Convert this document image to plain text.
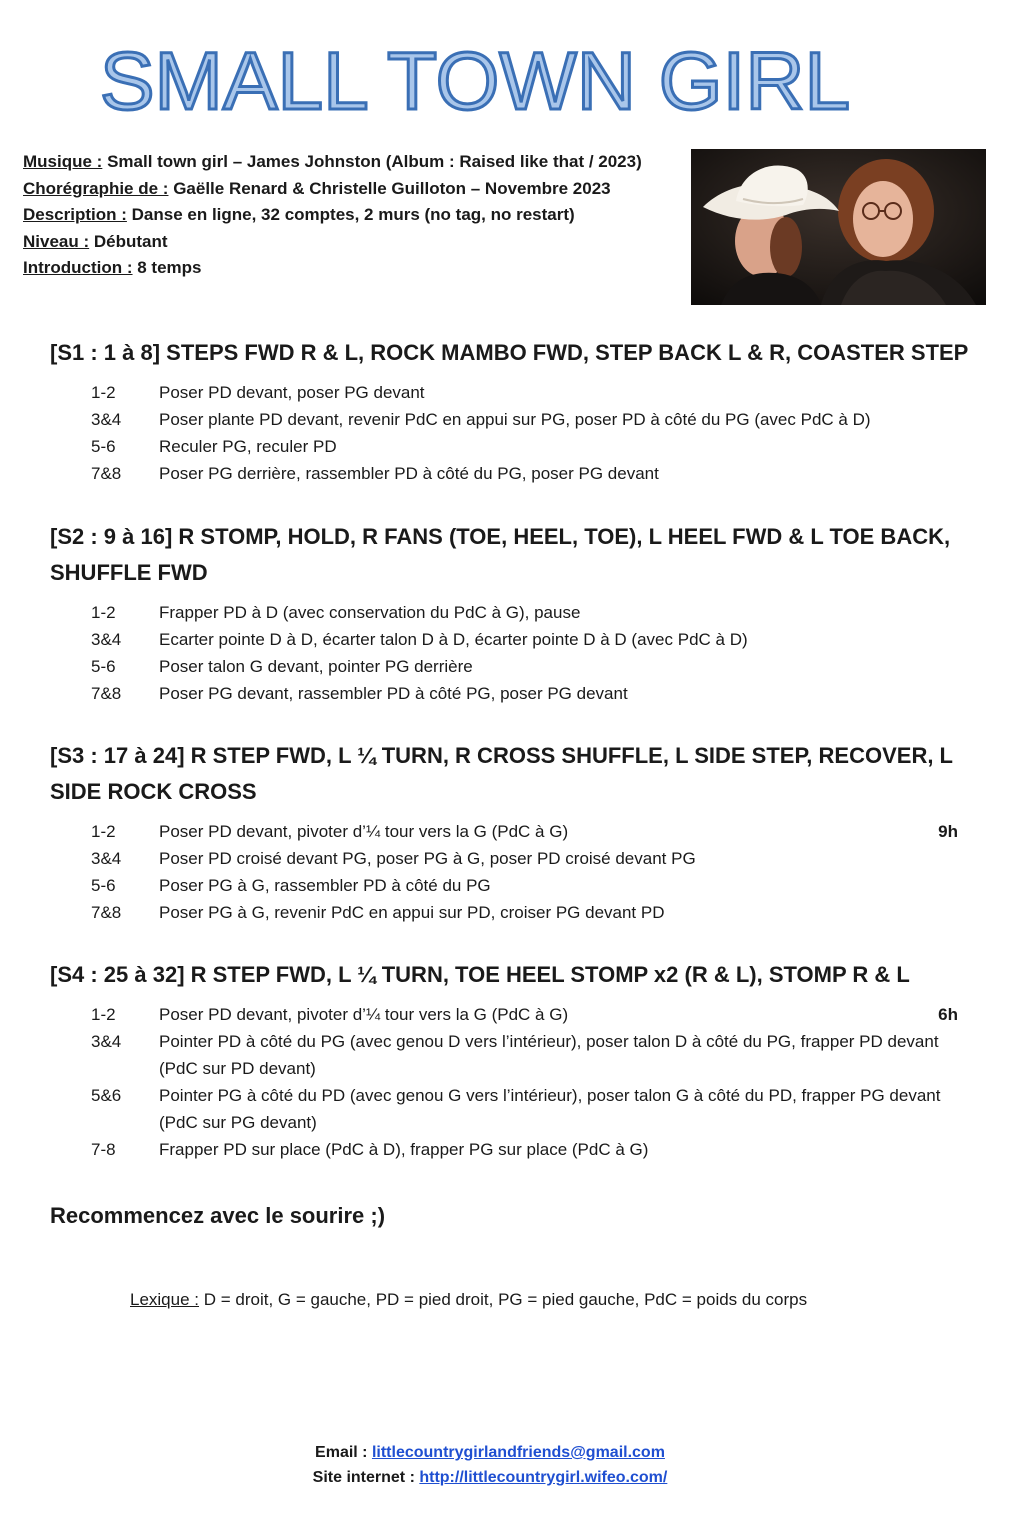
SMALL TOWN GIRL
Musique : Small town girl – James Johnston (Album : Raised like that / 2023)
Chorégraphie de : Gaëlle Renard & Christelle Guilloton – Novembre 2023
Description : Danse en ligne, 32 comptes, 2 murs (no tag, no restart)
Niveau : Débutant
Introduction : 8 temps
[S1 : 1 à 8] STEPS FWD R & L, ROCK MAMBO FWD, STEP BACK L & R, COASTER STEP
1-2	Poser PD devant, poser PG devant
3&4	Poser plante PD devant, revenir PdC en appui sur PG, poser PD à côté du PG (avec PdC à D)
5-6	Reculer PG, reculer PD
7&8	Poser PG derrière, rassembler PD à côté du PG, poser PG devant
[S2 : 9 à 16] R STOMP, HOLD, R FANS (TOE, HEEL, TOE), L HEEL FWD & L TOE BACK, SHUFFLE FWD
1-2	Frapper PD à D (avec conservation du PdC à G), pause
3&4	Ecarter pointe D à D, écarter talon D à D, écarter pointe D à D (avec PdC à D)
5-6	Poser talon G devant, pointer PG derrière
7&8	Poser PG devant, rassembler PD à côté PG, poser PG devant
[S3 : 17 à 24] R STEP FWD, L ¼ TURN, R CROSS SHUFFLE, L SIDE STEP, RECOVER, L SIDE ROCK CROSS
1-2	Poser PD devant, pivoter d’¼ tour vers la G (PdC à G)	9h
3&4	Poser PD croisé devant PG, poser PG à G, poser PD croisé devant PG
5-6	Poser PG à G, rassembler PD à côté du PG
7&8	Poser PG à G, revenir PdC en appui sur PD, croiser PG devant PD
[S4 : 25 à 32] R STEP FWD, L ¼ TURN, TOE HEEL STOMP x2 (R & L), STOMP R & L
1-2	Poser PD devant, pivoter d’¼ tour vers la G (PdC à G)	6h
3&4	Pointer PD à côté du PG (avec genou D vers l’intérieur), poser talon D à côté du PG, frapper PD devant (PdC sur PD devant)
5&6	Pointer PG à côté du PD (avec genou G vers l’intérieur), poser talon G à côté du PD, frapper PG devant (PdC sur PG devant)
7-8	Frapper PD sur place (PdC à D), frapper PG sur place (PdC à G)
Recommencez avec le sourire ;)
Lexique : D = droit, G = gauche, PD = pied droit, PG = pied gauche, PdC = poids du corps
Email : littlecountrygirlandfriends@gmail.com
Site internet : http://littlecountrygirl.wifeo.com/
